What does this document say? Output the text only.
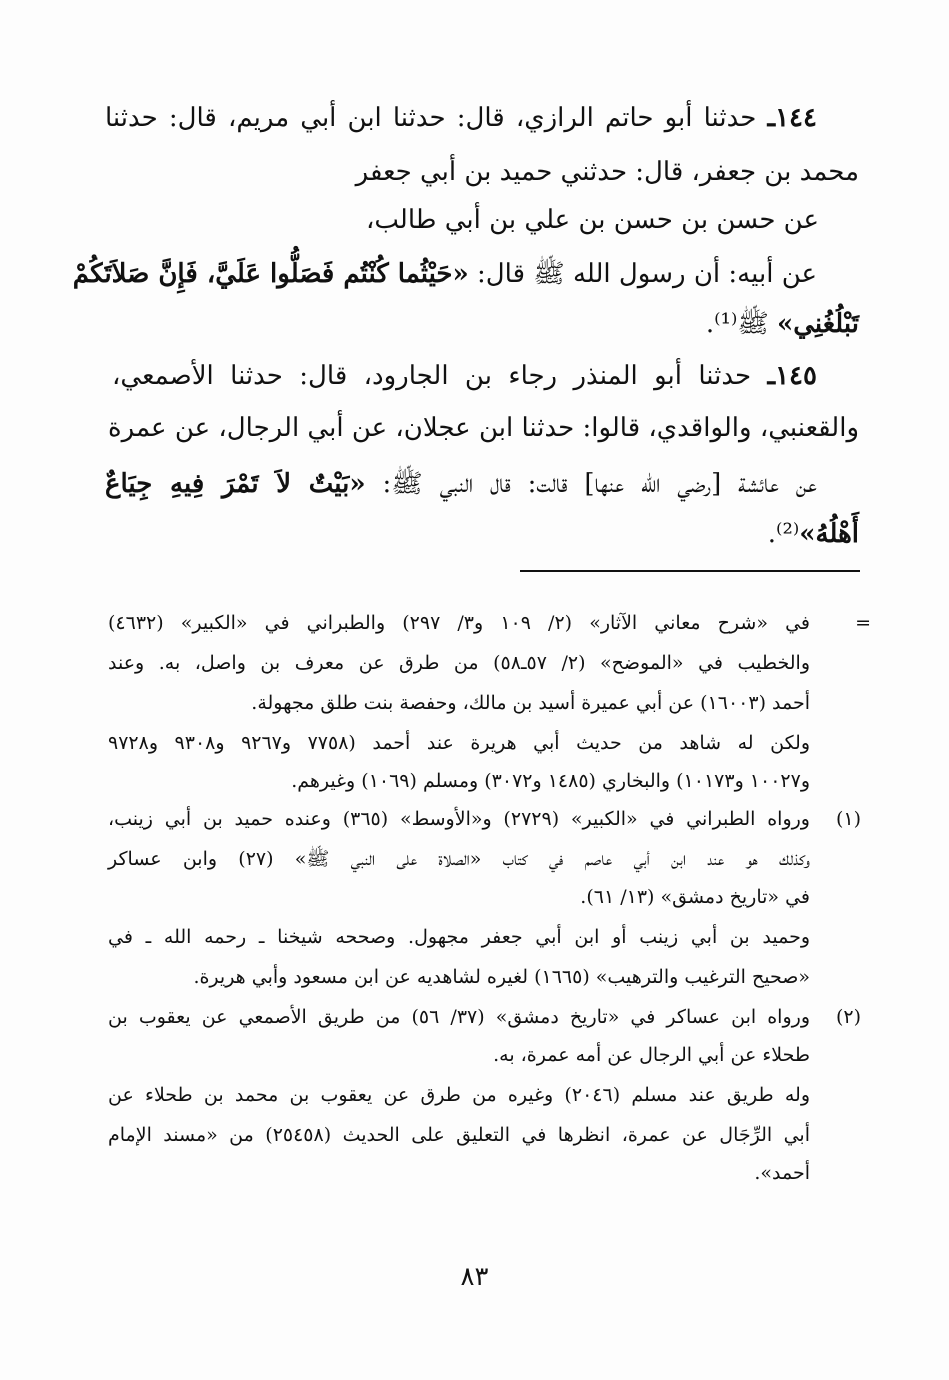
١٤٤ـ حدثنا أبو حاتم الرازي، قال: حدثنا ابن أبي مريم، قال: حدثنا
محمد بن جعفر، قال: حدثني حميد بن أبي جعفر
عن حسن بن حسن بن علي بن أبي طالب،
عن أبيه: أن رسول الله ﷺ قال: «حَيْثُما كُنْتُم فَصَلُّوا عَلَيَّ، فَإِنَّ صَلاَتَكُمْ
تَبْلُغُنِي» ﷺ⁽¹⁾.
١٤٥ـ حدثنا أبو المنذر رجاء بن الجارود، قال: حدثنا الأصمعي،
والقعنبي، والواقدي، قالوا: حدثنا ابن عجلان، عن أبي الرجال، عن عمرة
عن عائشة [رضي الله عنها] قالت: قال النبي ﷺ: «بَيْتٌ لاَ تَمْرَ فِيهِ جِيَاعٌ
أَهْلُهُ»⁽²⁾.
=
في «شرح معاني الآثار» (٢/ ١٠٩ و٣/ ٢٩٧) والطبراني في «الكبير» (٤٦٣٢)
والخطيب في «الموضح» (٢/ ٥٧ـ٥٨) من طرق عن معرف بن واصل، به. وعند
أحمد (١٦٠٠٣) عن أبي عميرة أسيد بن مالك، وحفصة بنت طلق مجهولة.
ولكن له شاهد من حديث أبي هريرة عند أحمد (٧٧٥٨ و٩٢٦٧ و٩٣٠٨ و٩٧٢٨
و١٠٠٢٧ و١٠١٧٣) والبخاري (١٤٨٥ و٣٠٧٢) ومسلم (١٠٦٩) وغيرهم.
(١)
ورواه الطبراني في «الكبير» (٢٧٢٩) و«الأوسط» (٣٦٥) وعنده حميد بن أبي زينب،
وكذلك هو عند ابن أبي عاصم في كتاب «الصلاة على النبي ﷺ» (٢٧) وابن عساكر
في «تاريخ دمشق» (١٣/ ٦١).
وحميد بن أبي زينب أو ابن أبي جعفر مجهول. وصححه شيخنا ـ رحمه الله ـ في
«صحيح الترغيب والترهيب» (١٦٦٥) لغيره لشاهديه عن ابن مسعود وأبي هريرة.
(٢)
ورواه ابن عساكر في «تاريخ دمشق» (٣٧/ ٥٦) من طريق الأصمعي عن يعقوب بن
طحلاء عن أبي الرجال عن أمه عمرة، به.
وله طريق عند مسلم (٢٠٤٦) وغيره من طرق عن يعقوب بن محمد بن طحلاء عن
أبي الرِّجَال عن عمرة، انظرها في التعليق على الحديث (٢٥٤٥٨) من «مسند الإمام
أحمد».
٨٣
